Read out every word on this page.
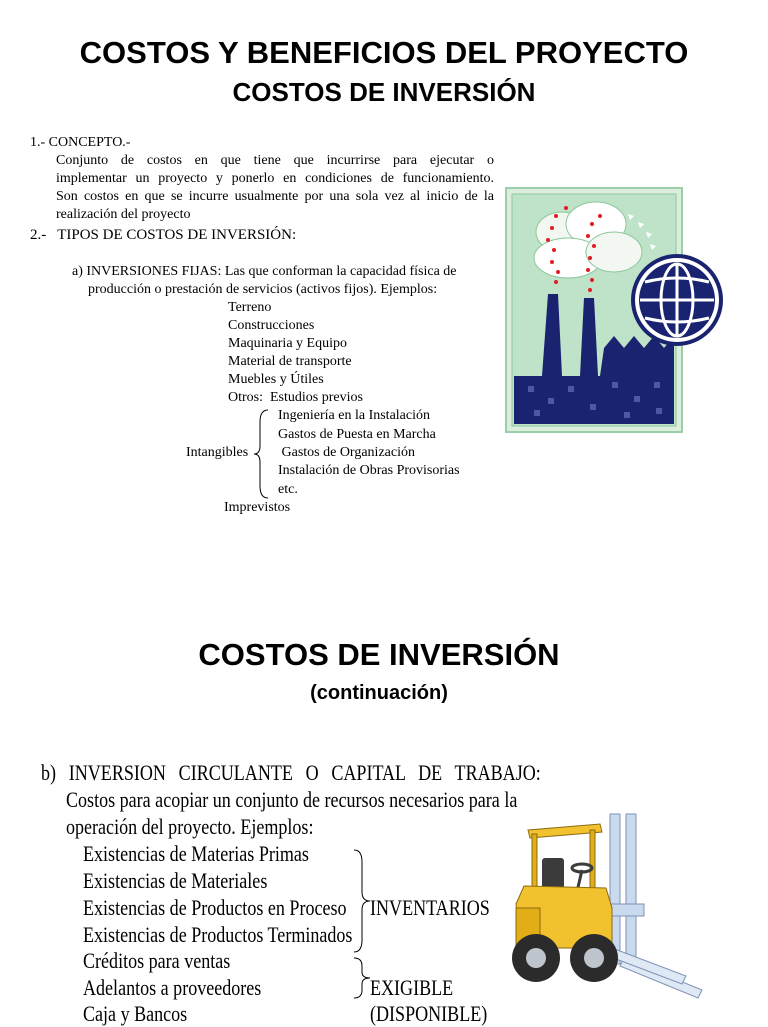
COSTOS Y BENEFICIOS DEL PROYECTO
COSTOS DE INVERSIÓN
1.- CONCEPTO.-
Conjunto de costos en que tiene que incurrirse para ejecutar o
implementar un proyecto y ponerlo en condiciones de funcionamiento.
Son costos en que se incurre usualmente por una sola vez al inicio de la
realización del proyecto
2.-   TIPOS DE COSTOS DE INVERSIÓN:
a) INVERSIONES FIJAS: Las que conforman la capacidad física de
producción o prestación de servicios (activos fijos). Ejemplos:
Terreno
Construcciones
Maquinaria y Equipo
Material de transporte
Muebles y Útiles
Otros:  Estudios previos
Intangibles
Ingeniería en la Instalación
Gastos de Puesta en Marcha
Gastos de Organización
Instalación de Obras Provisorias
etc.
Imprevistos
COSTOS DE INVERSIÓN
(continuación)
b) INVERSION CIRCULANTE O CAPITAL DE TRABAJO:
Costos para acopiar un conjunto de recursos necesarios para la
operación del proyecto. Ejemplos:
Existencias de Materias Primas
Existencias de Materiales
Existencias de Productos en Proceso
Existencias de Productos Terminados
Créditos para ventas
Adelantos a proveedores
Caja y Bancos
INVENTARIOS
EXIGIBLE
(DISPONIBLE)
